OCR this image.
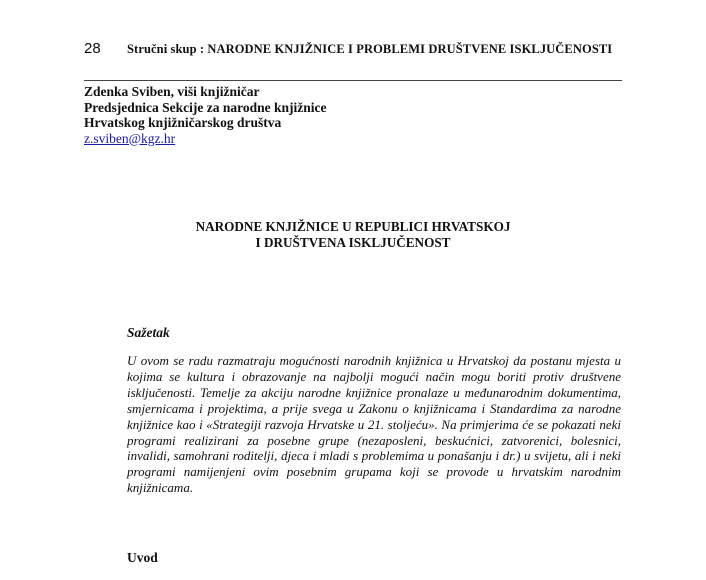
28 Stručni skup : NARODNE KNJIŽNICE I PROBLEMI DRUŠTVENE ISKLJUČENOSTI
Zdenka Sviben, viši knjižničar
Predsjednica Sekcije za narodne knjižnice
Hrvatskog knjižničarskog društva
z.sviben@kgz.hr
NARODNE KNJIŽNICE U REPUBLICI HRVATSKOJ
I DRUŠTVENA ISKLJUČENOST
Sažetak
U ovom se radu razmatraju mogućnosti narodnih knjižnica u Hrvatskoj da postanu mjesta u
kojima se kultura i obrazovanje na najbolji mogući način mogu boriti protiv društvene
isključenosti. Temelje za akciju narodne knjižnice pronalaze u međunarodnim dokumentima,
smjernicama i projektima, a prije svega u Zakonu o knjižnicama i Standardima za narodne
knjižnice kao i «Strategiji razvoja Hrvatske u 21. stoljeću». Na primjerima će se pokazati neki
programi realizirani za posebne grupe (nezaposleni, beskućnici, zatvorenici, bolesnici,
invalidi, samohrani roditelji, djeca i mladi s problemima u ponašanju i dr.) u svijetu, ali i neki
programi namijenjeni ovim posebnim grupama koji se provode u hrvatskim narodnim
knjižnicama.
Uvod
